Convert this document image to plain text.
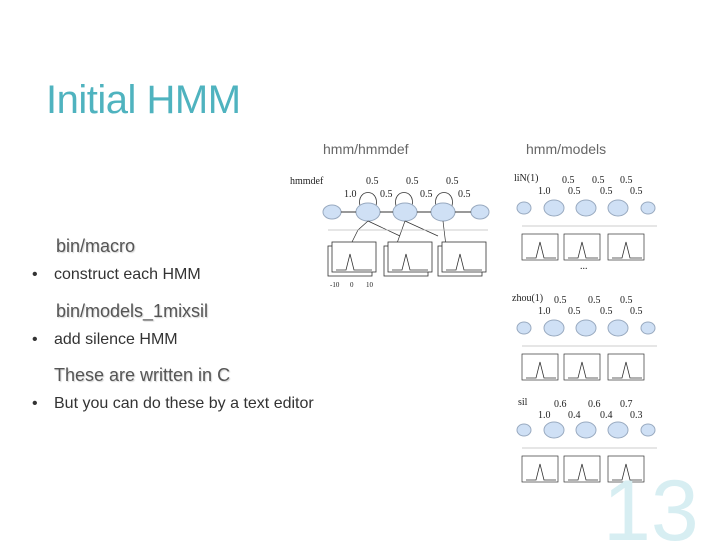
Initial HMM
hmm/hmmdef	hmm/models
bin/macro
• construct each HMM
bin/models_1mixsil
• add silence HMM
These are written in C
• But you can do these by a text editor
hmmdef	0.5	0.5	0.5
1.0 0.5	0.5	0.5
-10 0 10
liN(1) 0.5 0.5 0.5
1.0 0.5 0.5 0.5
...
zhou(1) 0.5 0.5 0.5
1.0 0.5 0.5 0.5
sil	0.6 0.6 0.7
1.0 0.4 0.4 0.3
13
